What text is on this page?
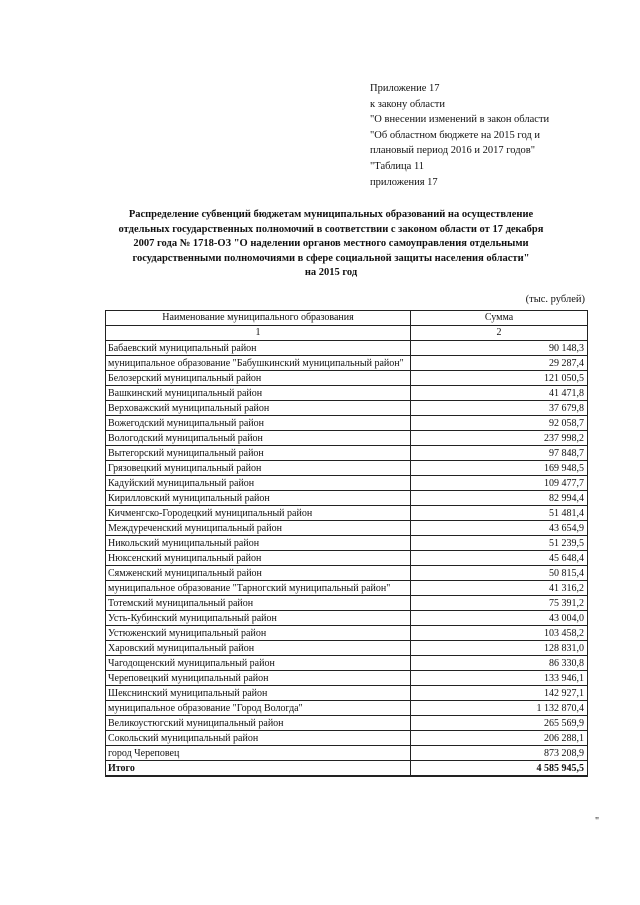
Приложение 17
к закону области
"О внесении изменений в закон области
"Об областном бюджете на 2015 год и
плановый период 2016 и 2017 годов"
"Таблица 11
приложения 17
Распределение субвенций бюджетам муниципальных образований на осуществление
отдельных государственных полномочий в соответствии с законом области от 17 декабря
2007 года № 1718-ОЗ "О наделении органов местного самоуправления отдельными
государственными полномочиями в сфере социальной защиты населения области"
на 2015 год
(тыс. рублей)
Наименование муниципального образования	Сумма
1	2
Бабаевский муниципальный район	90 148,3
муниципальное образование "Бабушкинский муниципальный район"	29 287,4
Белозерский муниципальный район	121 050,5
Вашкинский муниципальный район	41 471,8
Верховажский муниципальный район	37 679,8
Вожегодский муниципальный район	92 058,7
Вологодский муниципальный район	237 998,2
Вытегорский муниципальный район	97 848,7
Грязовецкий муниципальный район	169 948,5
Кадуйский муниципальный район	109 477,7
Кирилловский муниципальный район	82 994,4
Кичменгско-Городецкий муниципальный район	51 481,4
Междуреченский муниципальный район	43 654,9
Никольский муниципальный район	51 239,5
Нюксенский муниципальный район	45 648,4
Сямженский муниципальный район	50 815,4
муниципальное образование "Тарногский муниципальный район"	41 316,2
Тотемский муниципальный район	75 391,2
Усть-Кубинский муниципальный район	43 004,0
Устюженский муниципальный район	103 458,2
Харовский муниципальный район	128 831,0
Чагодощенский муниципальный район	86 330,8
Череповецкий муниципальный район	133 946,1
Шекснинский муниципальный район	142 927,1
муниципальное образование "Город Вологда"	1 132 870,4
Великоустюгский муниципальный район	265 569,9
Сокольский муниципальный район	206 288,1
город Череповец	873 208,9
Итого	4 585 945,5
"
